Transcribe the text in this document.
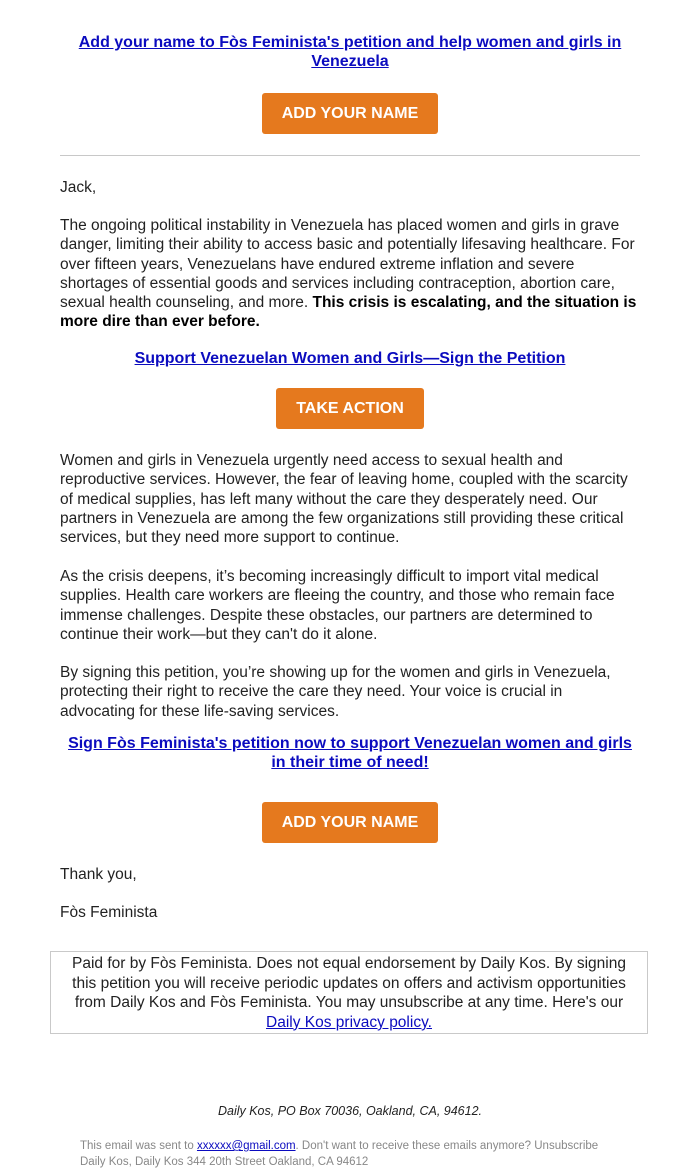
Add your name to Fòs Feminista's petition and help women and girls in Venezuela
ADD YOUR NAME

Jack,

The ongoing political instability in Venezuela has placed women and girls in grave danger, limiting their ability to access basic and potentially lifesaving healthcare. For over fifteen years, Venezuelans have endured extreme inflation and severe shortages of essential goods and services including contraception, abortion care, sexual health counseling, and more. This crisis is escalating, and the situation is more dire than ever before.

Support Venezuelan Women and Girls—Sign the Petition
TAKE ACTION

Women and girls in Venezuela urgently need access to sexual health and reproductive services. However, the fear of leaving home, coupled with the scarcity of medical supplies, has left many without the care they desperately need. Our partners in Venezuela are among the few organizations still providing these critical services, but they need more support to continue.

As the crisis deepens, it’s becoming increasingly difficult to import vital medical supplies. Health care workers are fleeing the country, and those who remain face immense challenges. Despite these obstacles, our partners are determined to continue their work—but they can't do it alone.

By signing this petition, you’re showing up for the women and girls in Venezuela, protecting their right to receive the care they need. Your voice is crucial in advocating for these life-saving services.

Sign Fòs Feminista's petition now to support Venezuelan women and girls in their time of need!
ADD YOUR NAME

Thank you,

Fòs Feminista

Paid for by Fòs Feminista. Does not equal endorsement by Daily Kos. By signing this petition you will receive periodic updates on offers and activism opportunities from Daily Kos and Fòs Feminista. You may unsubscribe at any time. Here's our Daily Kos privacy policy.
Daily Kos, PO Box 70036, Oakland, CA, 94612.
This email was sent to xxxxxx@gmail.com. Don't want to receive these emails anymore? Unsubscribe
Daily Kos, Daily Kos 344 20th Street Oakland, CA 94612
